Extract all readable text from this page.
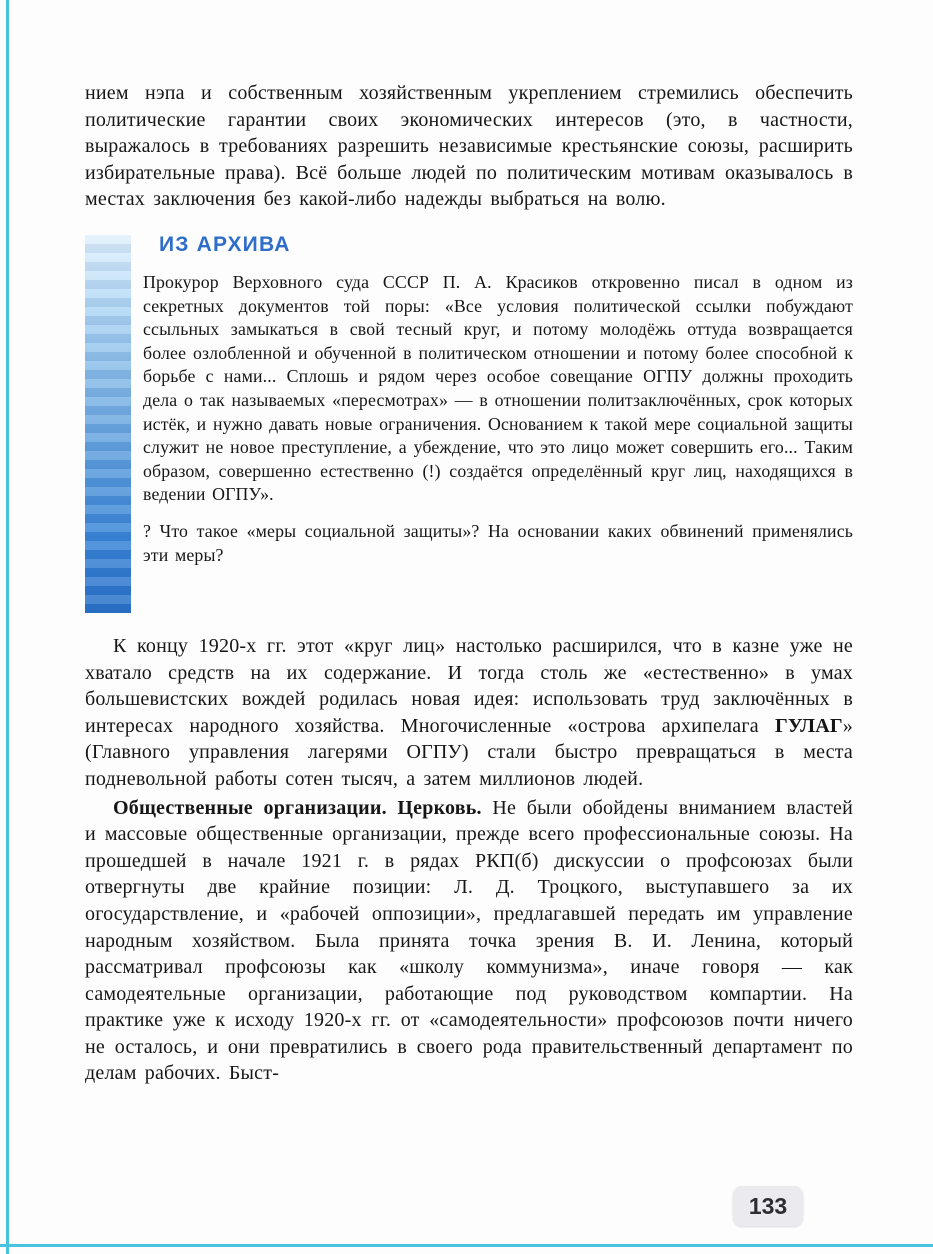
нием нэпа и собственным хозяйственным укреплением стремились обеспечить политические гарантии своих экономических интересов (это, в частности, выражалось в требованиях разрешить независимые крестьянские союзы, расширить избирательные права). Всё больше людей по политическим мотивам оказывалось в местах заключения без какой-либо надежды выбраться на волю.

ИЗ АРХИВА

Прокурор Верховного суда СССР П. А. Красиков откровенно писал в одном из секретных документов той поры: «Все условия политической ссылки побуждают ссыльных замыкаться в свой тесный круг, и потому молодёжь оттуда возвращается более озлобленной и обученной в политическом отношении и потому более способной к борьбе с нами... Сплошь и рядом через особое совещание ОГПУ должны проходить дела о так называемых «пересмотрах» — в отношении политзаключённых, срок которых истёк, и нужно давать новые ограничения. Основанием к такой мере социальной защиты служит не новое преступление, а убеждение, что это лицо может совершить его... Таким образом, совершенно естественно (!) создаётся определённый круг лиц, находящихся в ведении ОГПУ».

? Что такое «меры социальной защиты»? На основании каких обвинений применялись эти меры?

К концу 1920-х гг. этот «круг лиц» настолько расширился, что в казне уже не хватало средств на их содержание. И тогда столь же «естественно» в умах большевистских вождей родилась новая идея: использовать труд заключённых в интересах народного хозяйства. Многочисленные «острова архипелага ГУЛАГ» (Главного управления лагерями ОГПУ) стали быстро превращаться в места подневольной работы сотен тысяч, а затем миллионов людей.

Общественные организации. Церковь. Не были обойдены вниманием властей и массовые общественные организации, прежде всего профессиональные союзы. На прошедшей в начале 1921 г. в рядах РКП(б) дискуссии о профсоюзах были отвергнуты две крайние позиции: Л. Д. Троцкого, выступавшего за их огосударствление, и «рабочей оппозиции», предлагавшей передать им управление народным хозяйством. Была принята точка зрения В. И. Ленина, который рассматривал профсоюзы как «школу коммунизма», иначе говоря — как самодеятельные организации, работающие под руководством компартии. На практике уже к исходу 1920-х гг. от «самодеятельности» профсоюзов почти ничего не осталось, и они превратились в своего рода правительственный департамент по делам рабочих. Быст-

133
